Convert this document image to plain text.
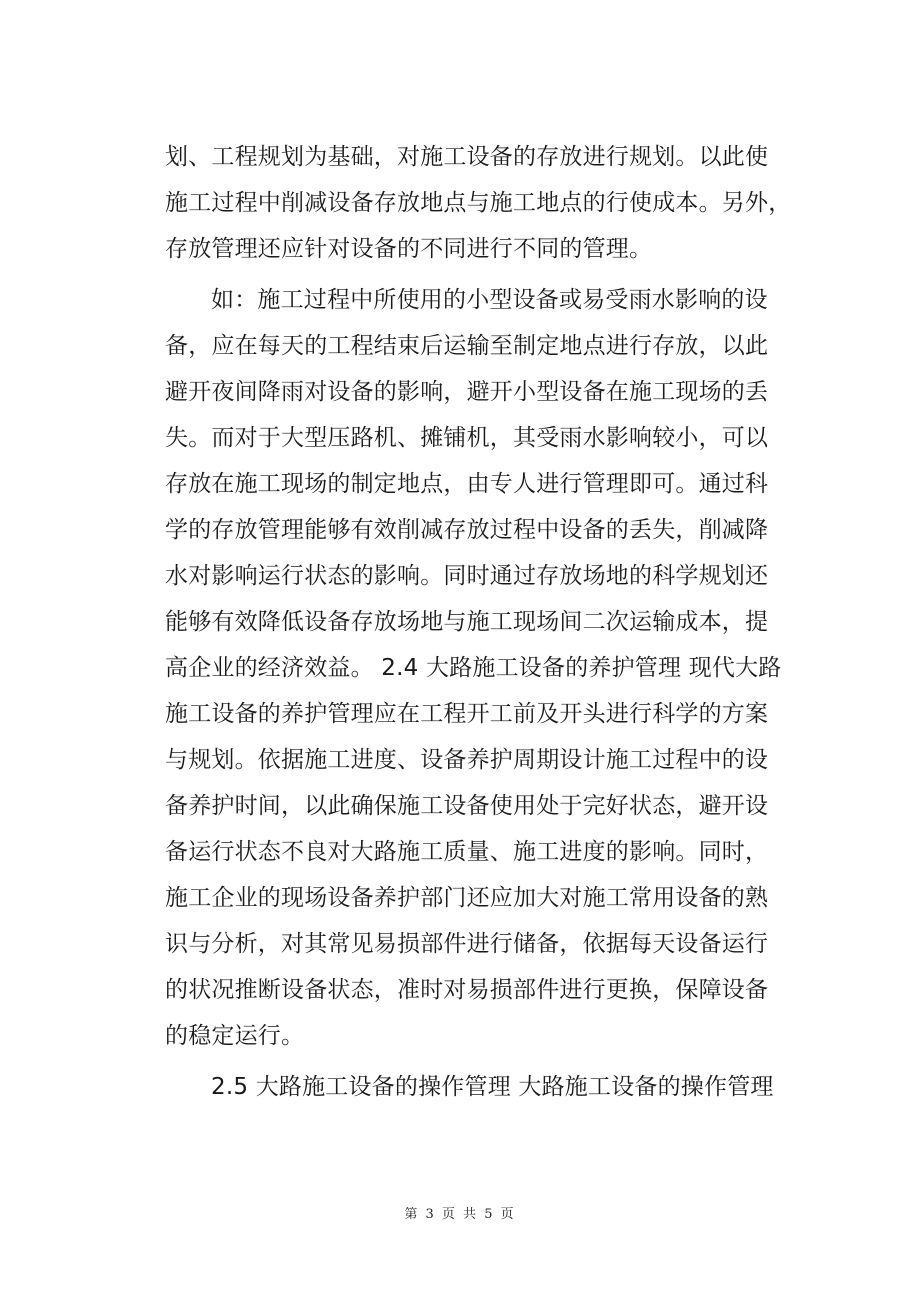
划、工程规划为基础，对施工设备的存放进行规划。以此使
施工过程中削减设备存放地点与施工地点的行使成本。另外，
存放管理还应针对设备的不同进行不同的管理。
如：施工过程中所使用的小型设备或易受雨水影响的设
备，应在每天的工程结束后运输至制定地点进行存放，以此
避开夜间降雨对设备的影响，避开小型设备在施工现场的丢
失。而对于大型压路机、摊铺机，其受雨水影响较小，可以
存放在施工现场的制定地点，由专人进行管理即可。通过科
学的存放管理能够有效削减存放过程中设备的丢失，削减降
水对影响运行状态的影响。同时通过存放场地的科学规划还
能够有效降低设备存放场地与施工现场间二次运输成本，提
高企业的经济效益。 2.4 大路施工设备的养护管理 现代大路
施工设备的养护管理应在工程开工前及开头进行科学的方案
与规划。依据施工进度、设备养护周期设计施工过程中的设
备养护时间，以此确保施工设备使用处于完好状态，避开设
备运行状态不良对大路施工质量、施工进度的影响。同时，
施工企业的现场设备养护部门还应加大对施工常用设备的熟
识与分析，对其常见易损部件进行储备，依据每天设备运行
的状况推断设备状态，准时对易损部件进行更换，保障设备
的稳定运行。
2.5 大路施工设备的操作管理 大路施工设备的操作管理
第 3 页 共 5 页
